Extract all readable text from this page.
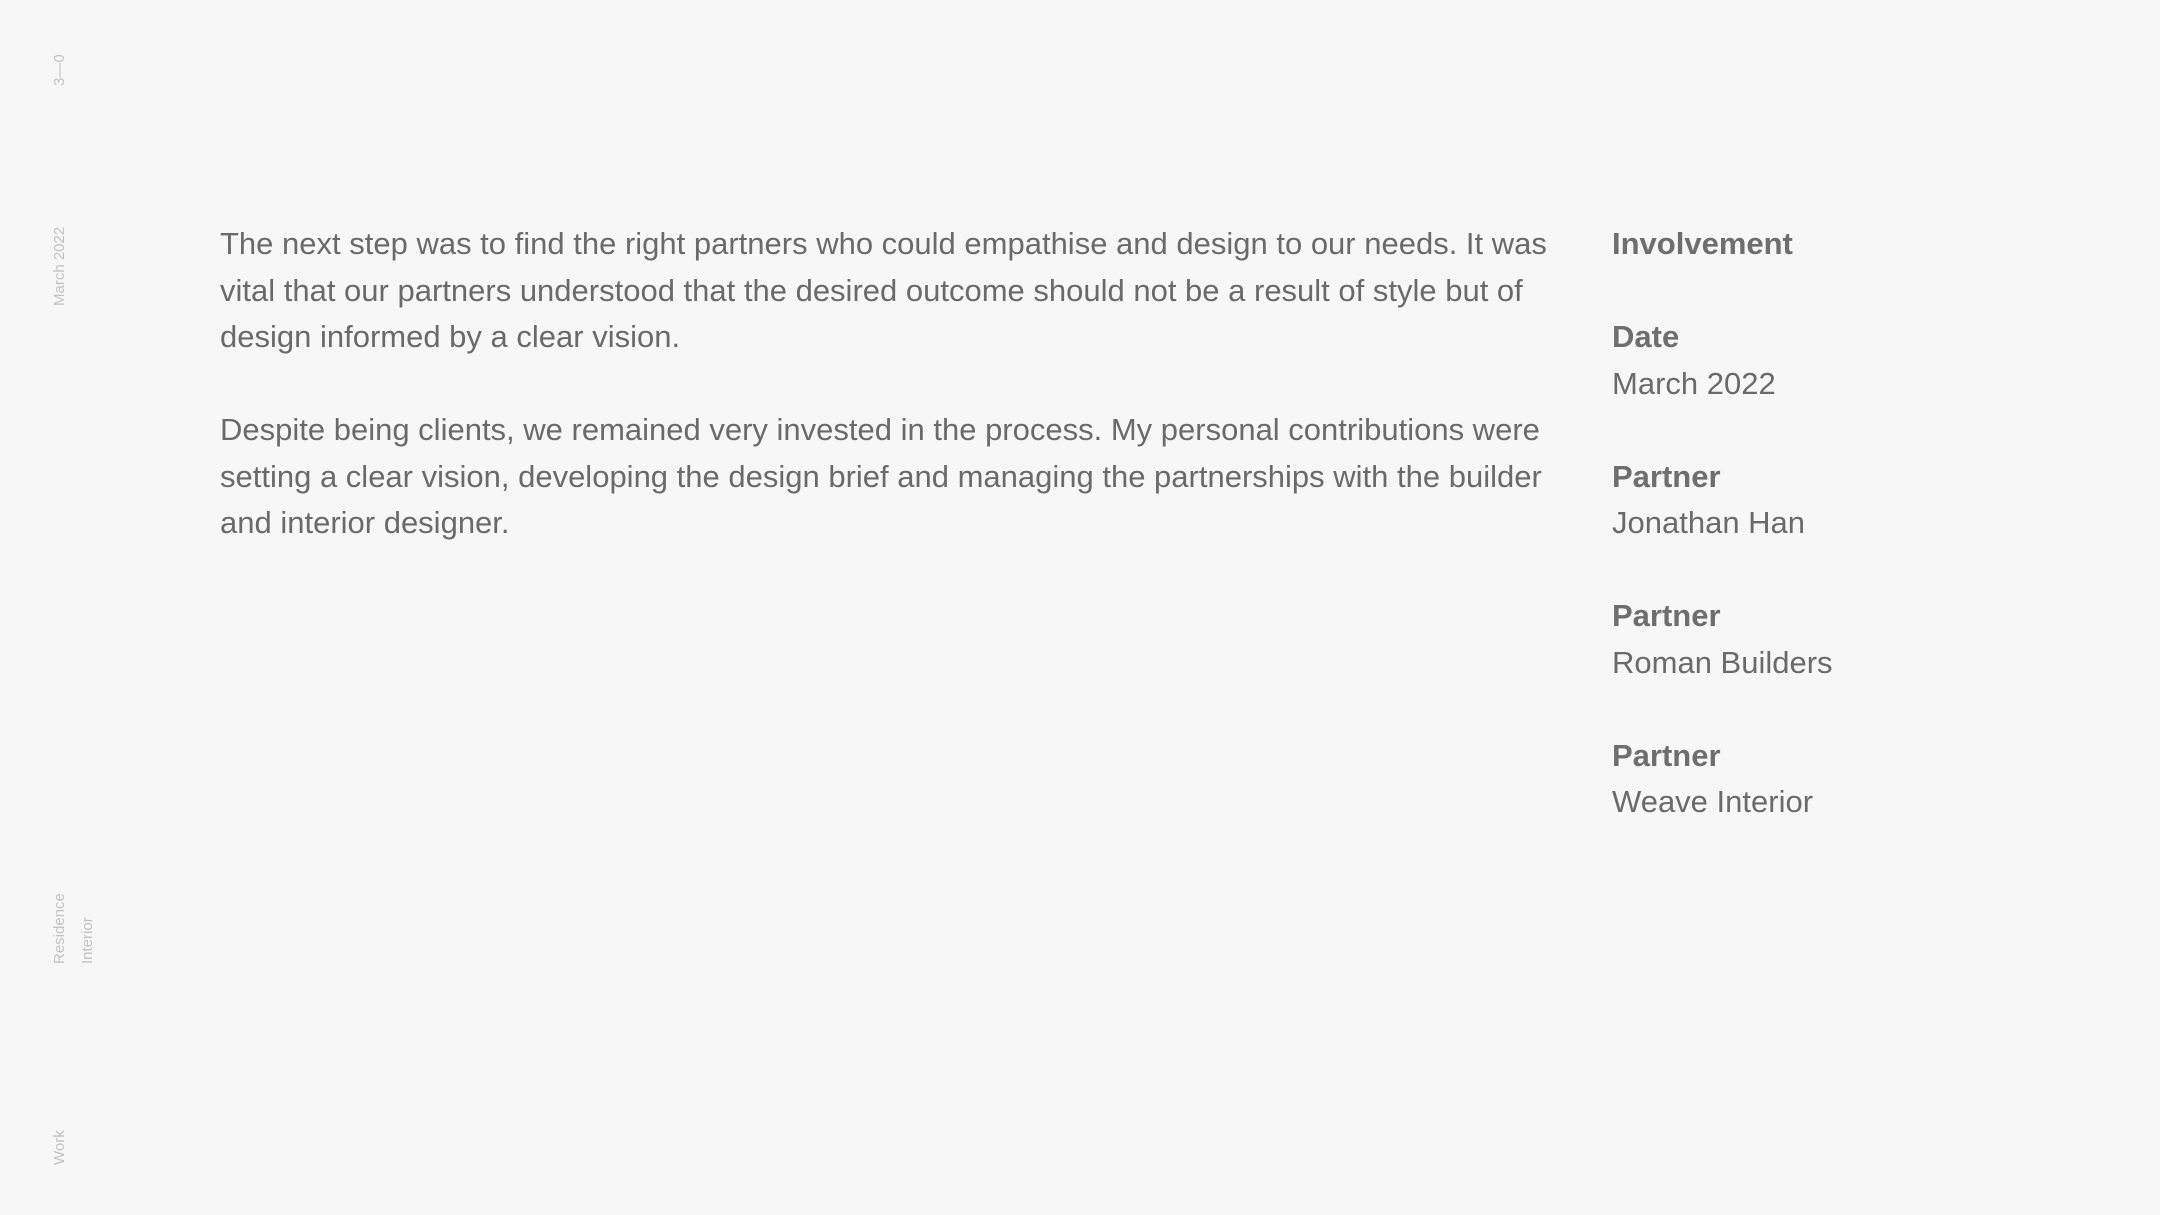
3—0
March 2022
Residence Interior
Work

The next step was to find the right partners who could empathise and design to our needs. It was vital that our partners understood that the desired outcome should not be a result of style but of design informed by a clear vision.

Despite being clients, we remained very invested in the process. My personal contributions were setting a clear vision, developing the design brief and managing the partnerships with the builder and interior designer.

Involvement
Date
March 2022
Partner
Jonathan Han
Partner
Roman Builders
Partner
Weave Interior
